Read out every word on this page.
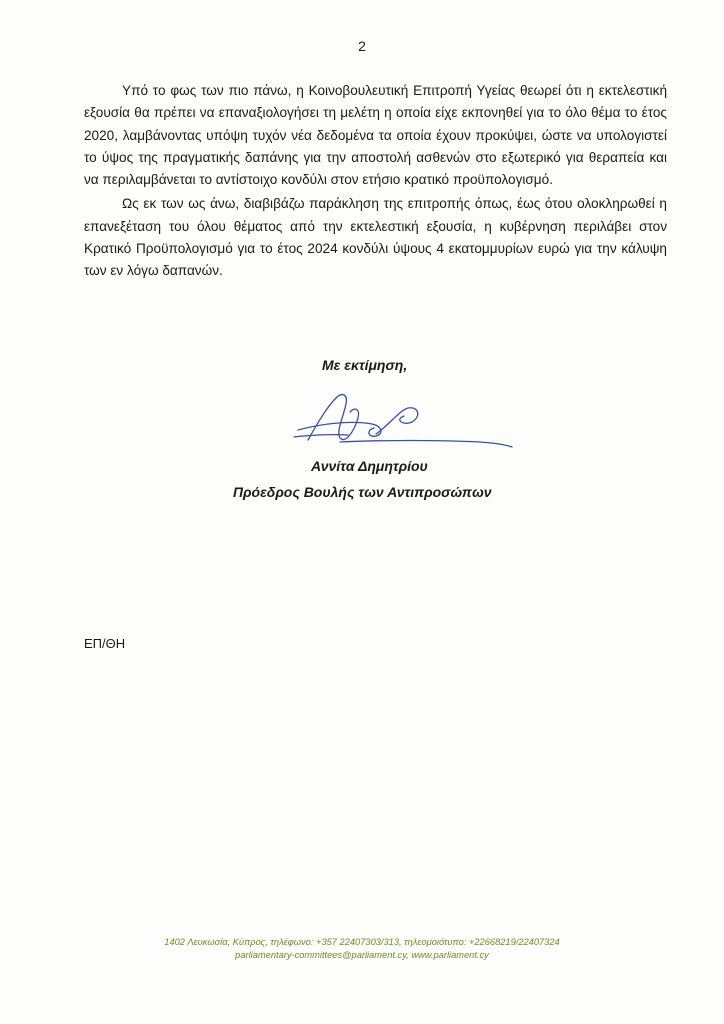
2

Υπό το φως των πιο πάνω, η Κοινοβουλευτική Επιτροπή Υγείας θεωρεί ότι η εκτελεστική εξουσία θα πρέπει να επαναξιολογήσει τη μελέτη η οποία είχε εκπονηθεί για το όλο θέμα το έτος 2020, λαμβάνοντας υπόψη τυχόν νέα δεδομένα τα οποία έχουν προκύψει, ώστε να υπολογιστεί το ύψος της πραγματικής δαπάνης για την αποστολή ασθενών στο εξωτερικό για θεραπεία και να περιλαμβάνεται το αντίστοιχο κονδύλι στον ετήσιο κρατικό προϋπολογισμό.

Ως εκ των ως άνω, διαβιβάζω παράκληση της επιτροπής όπως, έως ότου ολοκληρωθεί η επανεξέταση του όλου θέματος από την εκτελεστική εξουσία, η κυβέρνηση περιλάβει στον Κρατικό Προϋπολογισμό για το έτος 2024 κονδύλι ύψους 4 εκατομμυρίων ευρώ για την κάλυψη των εν λόγω δαπανών.

Με εκτίμηση,
Αννίτα Δημητρίου
Πρόεδρος Βουλής των Αντιπροσώπων
ΕΠ/ΘΗ
1402 Λευκωσία, Κύπρος, τηλέφωνο: +357 22407303/313, τηλεομοιότυπο: +22668219/22407324
parliamentary-committees@parliament.cy, www.parliament.cy
